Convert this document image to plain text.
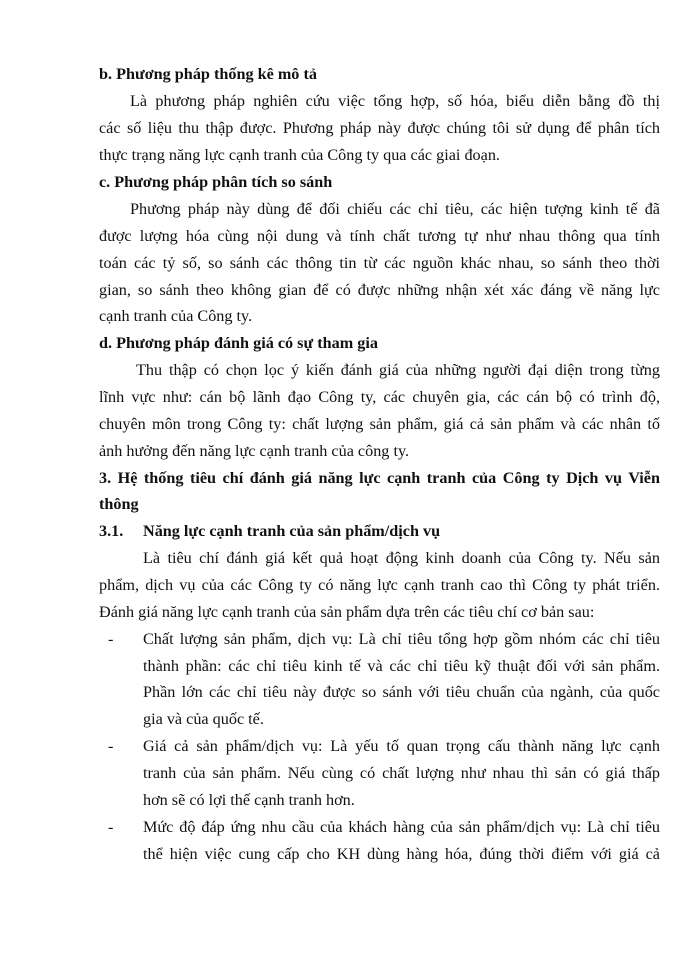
b. Phương pháp thống kê mô tả
Là phương pháp nghiên cứu việc tổng hợp, số hóa, biểu diễn bằng đồ thị
các số liệu thu thập được. Phương pháp này được chúng tôi sử dụng để phân tích
thực trạng năng lực cạnh tranh của Công ty qua các giai đoạn.
c. Phương pháp phân tích so sánh
Phương pháp này dùng để đối chiếu các chỉ tiêu, các hiện tượng kinh tế đã
được lượng hóa cùng nội dung và tính chất tương tự như nhau thông qua tính
toán các tỷ số, so sánh các thông tin từ các nguồn khác nhau, so sánh theo thời
gian, so sánh theo không gian để có được những nhận xét xác đáng về năng lực
cạnh tranh của Công ty.
d. Phương pháp đánh giá có sự tham gia
Thu thập có chọn lọc ý kiến đánh giá của những người đại diện trong từng
lĩnh vực như: cán bộ lãnh đạo Công ty, các chuyên gia, các cán bộ có trình độ,
chuyên môn trong Công ty: chất lượng sản phẩm, giá cả sản phẩm và các nhân tố
ảnh hưởng đến năng lực cạnh tranh của công ty.
3. Hệ thống tiêu chí đánh giá năng lực cạnh tranh của Công ty Dịch vụ Viễn
thông
3.1. Năng lực cạnh tranh của sản phẩm/dịch vụ
Là tiêu chí đánh giá kết quả hoạt động kinh doanh của Công ty. Nếu sản
phẩm, dịch vụ của các Công ty có năng lực cạnh tranh cao thì Công ty phát triển.
Đánh giá năng lực cạnh tranh của sản phẩm dựa trên các tiêu chí cơ bản sau:
- Chất lượng sản phẩm, dịch vụ: Là chỉ tiêu tổng hợp gồm nhóm các chỉ tiêu
thành phần: các chỉ tiêu kinh tế và các chỉ tiêu kỹ thuật đối với sản phẩm.
Phần lớn các chỉ tiêu này được so sánh với tiêu chuẩn của ngành, của quốc
gia và của quốc tế.
- Giá cả sản phẩm/dịch vụ: Là yếu tố quan trọng cấu thành năng lực cạnh
tranh của sản phẩm. Nếu cùng có chất lượng như nhau thì sản có giá thấp
hơn sẽ có lợi thế cạnh tranh hơn.
- Mức độ đáp ứng nhu cầu của khách hàng của sản phẩm/dịch vụ: Là chỉ tiêu
thể hiện việc cung cấp cho KH dùng hàng hóa, đúng thời điểm với giá cả
